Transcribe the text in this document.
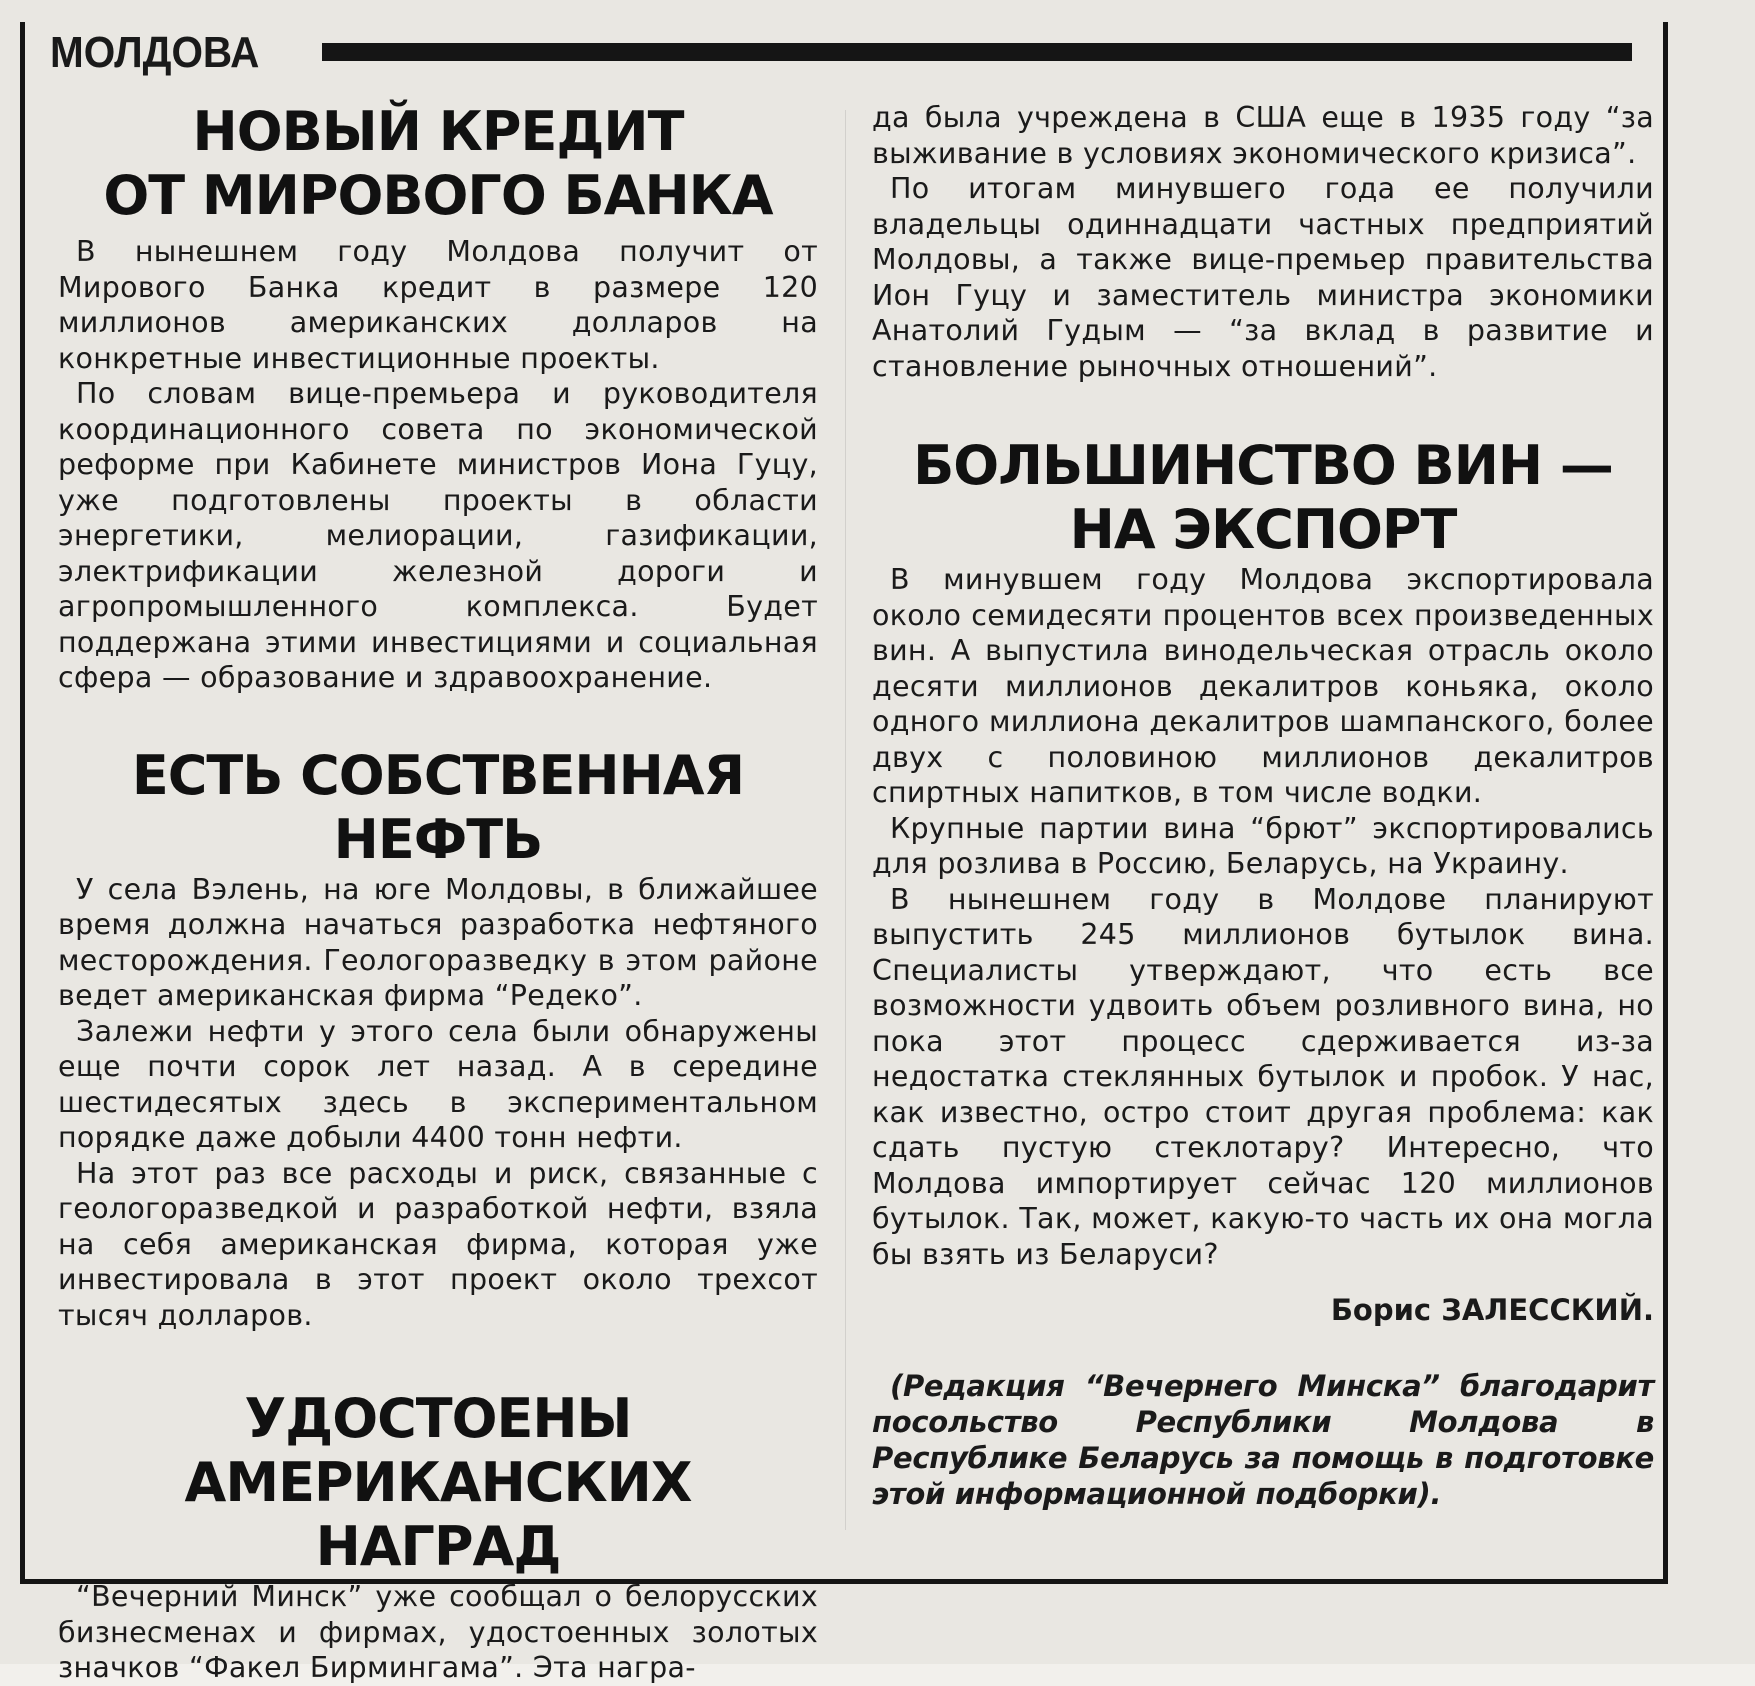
МОЛДОВА
НОВЫЙ КРЕДИТ
ОТ МИРОВОГО БАНКА

В нынешнем году Молдова получит от Мирового Банка кредит в размере 120 миллионов американских долларов на конкретные инвестиционные проекты.

По словам вице-премьера и руководителя координационного совета по экономической реформе при Кабинете министров Иона Гуцу, уже подготовлены проекты в области энергетики, мелиорации, газификации, электрификации железной дороги и агропромышленного комплекса. Будет поддержана этими инвестициями и социальная сфера — образование и здравоохранение.

ЕСТЬ СОБСТВЕННАЯ
НЕФТЬ

У села Вэлень, на юге Молдовы, в ближайшее время должна начаться разработка нефтяного месторождения. Геологоразведку в этом районе ведет американская фирма “Редеко”.

Залежи нефти у этого села были обнаружены еще почти сорок лет назад. А в середине шестидесятых здесь в экспериментальном порядке даже добыли 4400 тонн нефти.

На этот раз все расходы и риск, связанные с геологоразведкой и разработкой нефти, взяла на себя американская фирма, которая уже инвестировала в этот проект около трехсот тысяч долларов.

УДОСТОЕНЫ
АМЕРИКАНСКИХ НАГРАД

“Вечерний Минск” уже сообщал о белорусских бизнесменах и фирмах, удостоенных золотых значков “Факел Бирмингама”. Эта награ-

да была учреждена в США еще в 1935 году “за выживание в условиях экономического кризиса”.

По итогам минувшего года ее получили владельцы одиннадцати частных предприятий Молдовы, а также вице-премьер правительства Ион Гуцу и заместитель министра экономики Анатолий Гудым — “за вклад в развитие и становление рыночных отношений”.

БОЛЬШИНСТВО ВИН —
НА ЭКСПОРТ

В минувшем году Молдова экспортировала около семидесяти процентов всех произведенных вин. А выпустила винодельческая отрасль около десяти миллионов декалитров коньяка, около одного миллиона декалитров шампанского, более двух с половиною миллионов декалитров спиртных напитков, в том числе водки.

Крупные партии вина “брют” экспортировались для розлива в Россию, Беларусь, на Украину.

В нынешнем году в Молдове планируют выпустить 245 миллионов бутылок вина. Специалисты утверждают, что есть все возможности удвоить объем розливного вина, но пока этот процесс сдерживается из-за недостатка стеклянных бутылок и пробок. У нас, как известно, остро стоит другая проблема: как сдать пустую стеклотару? Интересно, что Молдова импортирует сейчас 120 миллионов бутылок. Так, может, какую-то часть их она могла бы взять из Беларуси?

Борис ЗАЛЕССКИЙ.
(Редакция “Вечернего Минска” благодарит посольство Республики Молдова в Республике Беларусь за помощь в подготовке этой информационной подборки).
